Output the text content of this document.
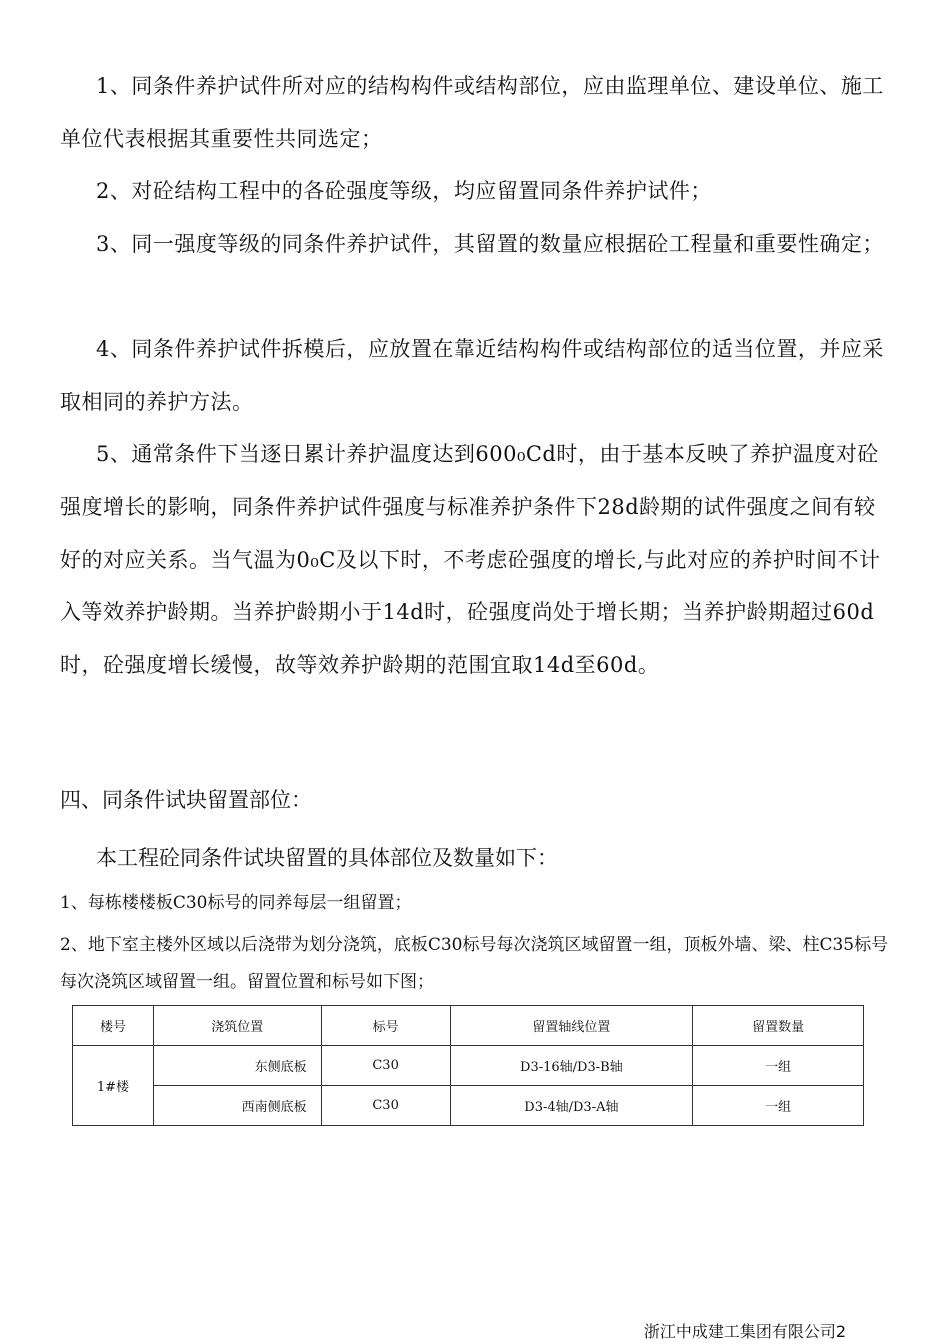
1、同条件养护试件所对应的结构构件或结构部位，应由监理单位、建设单位、施工单位代表根据其重要性共同选定；

2、对砼结构工程中的各砼强度等级，均应留置同条件养护试件；

3、同一强度等级的同条件养护试件，其留置的数量应根据砼工程量和重要性确定；

4、同条件养护试件拆模后，应放置在靠近结构构件或结构部位的适当位置，并应采取相同的养护方法。

5、通常条件下当逐日累计养护温度达到600₀Cd时，由于基本反映了养护温度对砼强度增长的影响，同条件养护试件强度与标准养护条件下28d龄期的试件强度之间有较好的对应关系。当气温为0₀C及以下时，不考虑砼强度的增长,与此对应的养护时间不计入等效养护龄期。当养护龄期小于14d时，砼强度尚处于增长期；当养护龄期超过60d时，砼强度增长缓慢，故等效养护龄期的范围宜取14d至60d。

四、同条件试块留置部位：

本工程砼同条件试块留置的具体部位及数量如下：

1、每栋楼楼板C30标号的同养每层一组留置；

2、地下室主楼外区域以后浇带为划分浇筑，底板C30标号每次浇筑区域留置一组，顶板外墙、梁、柱C35标号每次浇筑区域留置一组。留置位置和标号如下图；

楼号	浇筑位置	标号	留置轴线位置	留置数量
1#楼	东侧底板	C30	D3-16轴/D3-B轴	一组
	西南侧底板	C30	D3-4轴/D3-A轴	一组

浙江中成建工集团有限公司2
